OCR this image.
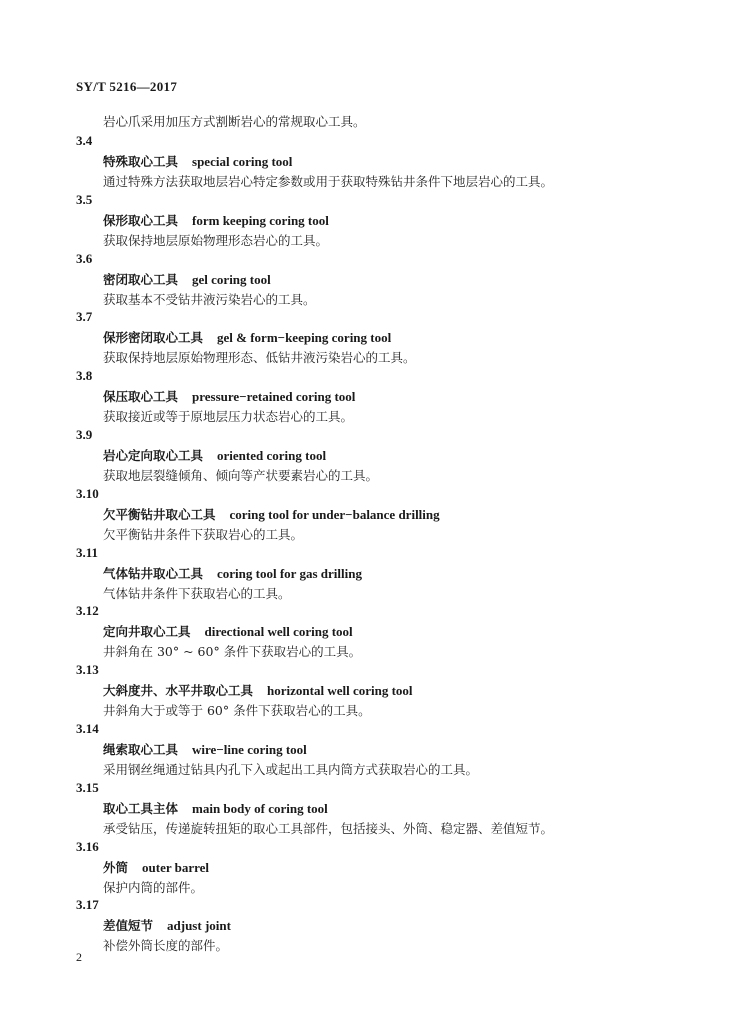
SY/T 5216—2017
岩心爪采用加压方式割断岩心的常规取心工具。
3.4
特殊取心工具 special coring tool
通过特殊方法获取地层岩心特定参数或用于获取特殊钻井条件下地层岩心的工具。
3.5
保形取心工具 form keeping coring tool
获取保持地层原始物理形态岩心的工具。
3.6
密闭取心工具 gel coring tool
获取基本不受钻井液污染岩心的工具。
3.7
保形密闭取心工具 gel & form−keeping coring tool
获取保持地层原始物理形态、低钻井液污染岩心的工具。
3.8
保压取心工具 pressure−retained coring tool
获取接近或等于原地层压力状态岩心的工具。
3.9
岩心定向取心工具 oriented coring tool
获取地层裂缝倾角、倾向等产状要素岩心的工具。
3.10
欠平衡钻井取心工具 coring tool for under−balance drilling
欠平衡钻井条件下获取岩心的工具。
3.11
气体钻井取心工具 coring tool for gas drilling
气体钻井条件下获取岩心的工具。
3.12
定向井取心工具 directional well coring tool
井斜角在 30° ~ 60° 条件下获取岩心的工具。
3.13
大斜度井、水平井取心工具 horizontal well coring tool
井斜角大于或等于 60° 条件下获取岩心的工具。
3.14
绳索取心工具 wire−line coring tool
采用钢丝绳通过钻具内孔下入或起出工具内筒方式获取岩心的工具。
3.15
取心工具主体 main body of coring tool
承受钻压，传递旋转扭矩的取心工具部件，包括接头、外筒、稳定器、差值短节。
3.16
外筒 outer barrel
保护内筒的部件。
3.17
差值短节 adjust joint
补偿外筒长度的部件。
2
